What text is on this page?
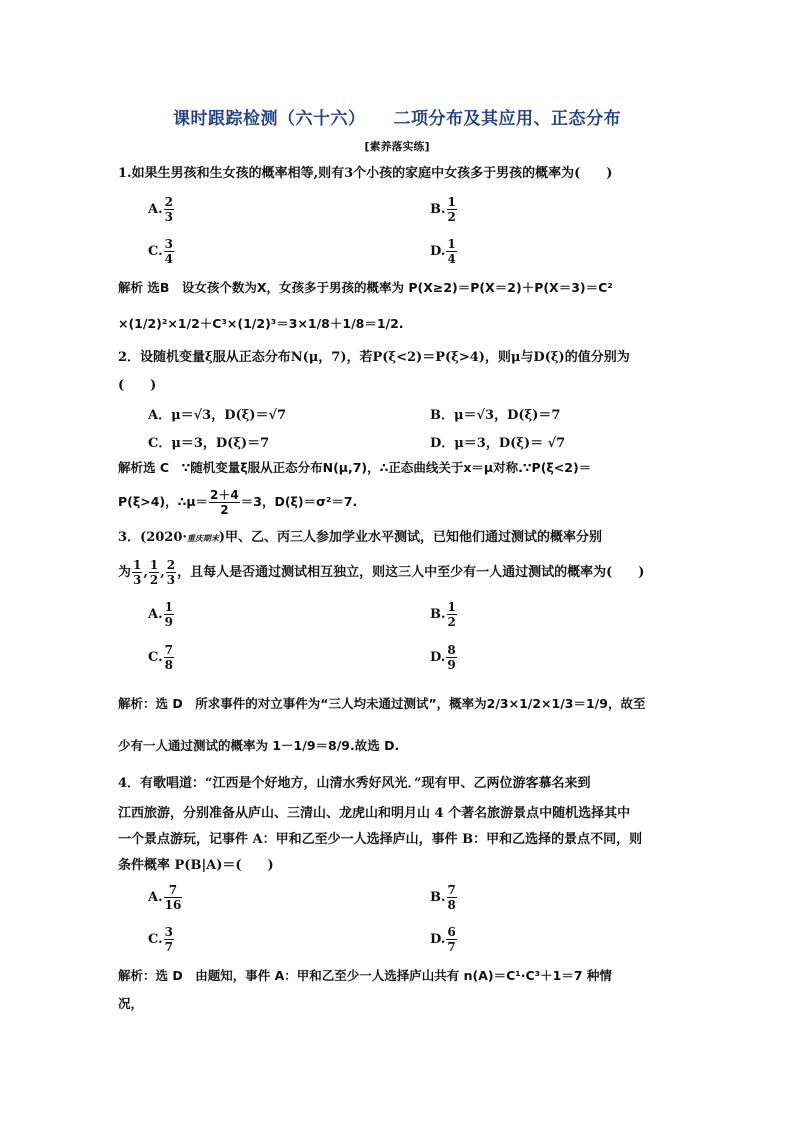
课时跟踪检测（六十六） 二项分布及其应用、正态分布
[素养落实练]
1.如果生男孩和生女孩的概率相等,则有3个小孩的家庭中女孩多于男孩的概率为(　　)
A. $\frac{2}{3}$	B. $\frac{1}{2}$
C. $\frac{3}{4}$	D. $\frac{1}{4}$
解析 选B　设女孩个数为X，女孩多于男孩的概率为 P(X≥2)＝P(X＝2)＋P(X＝3)＝C²
×(1/2)²×1/2＋C³×(1/2)³＝3×1/8＋1/8＝1/2.
2．设随机变量ξ服从正态分布N(μ，7)，若P(ξ<2)＝P(ξ>4)，则μ与D(ξ)的值分别为
(　　)
A．μ＝√3，D(ξ)＝√7	B．μ＝√3，D(ξ)＝7
C．μ＝3，D(ξ)＝7	D．μ＝3，D(ξ)＝ √7
解析选 C　∵随机变量ξ服从正态分布N(μ,7)，∴正态曲线关于x＝μ对称.∵P(ξ<2)＝
P(ξ>4)，∴μ＝ $\frac{2+4}{2} =3$，D(ξ)＝σ²＝7.
3．(2020·重庆期末)甲、乙、丙三人参加学业水平测试，已知他们通过测试的概率分别
为 $\frac{1}{3}$ , $\frac{1}{2}$ , $\frac{2}{3}$ ，且每人是否通过测试相互独立，则这三人中至少有一人通过测试的概率为(　　)
A. $\frac{1}{9}$	B. $\frac{1}{2}$
C. $\frac{7}{8}$	D. $\frac{8}{9}$
解析：选 D　所求事件的对立事件为“三人均未通过测试”，概率为2/3×1/2×1/3＝1/9，故至
少有一人通过测试的概率为 1－1/9＝8/9.故选 D.
4．有歌唱道：“江西是个好地方，山清水秀好风光．”现有甲、乙两位游客慕名来到
江西旅游，分别准备从庐山、三清山、龙虎山和明月山 4 个著名旅游景点中随机选择其中
一个景点游玩，记事件 A：甲和乙至少一人选择庐山，事件 B：甲和乙选择的景点不同，则
条件概率 P(B|A)＝(　　)
A. $\frac{7}{16}$	B. $\frac{7}{8}$
C. $\frac{3}{7}$	D. $\frac{6}{7}$
解析：选 D　由题知，事件 A：甲和乙至少一人选择庐山共有 n(A)＝C¹·C³＋1＝7 种情
况，
